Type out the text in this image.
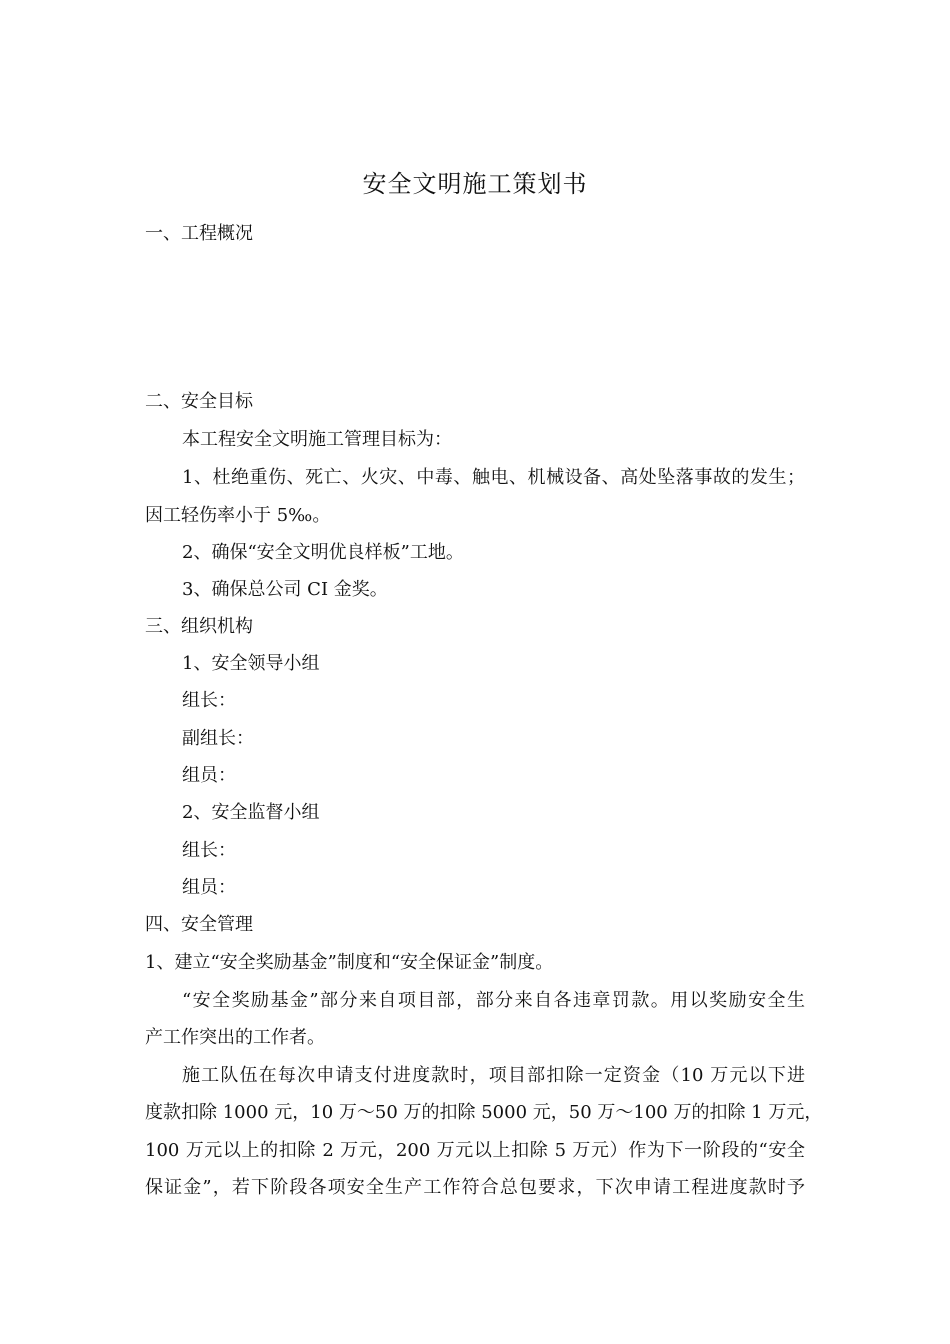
安全文明施工策划书
一、工程概况
二、安全目标
本工程安全文明施工管理目标为：
1、杜绝重伤、死亡、火灾、中毒、触电、机械设备、高处坠落事故的发生；
因工轻伤率小于 5‰。
2、确保“安全文明优良样板”工地。
3、确保总公司 CI 金奖。
三、组织机构
1、安全领导小组
组长：
副组长：
组员：
2、安全监督小组
组长：
组员：
四、安全管理
1、建立“安全奖励基金”制度和“安全保证金”制度。
“安全奖励基金”部分来自项目部，部分来自各违章罚款。用以奖励安全生
产工作突出的工作者。
施工队伍在每次申请支付进度款时，项目部扣除一定资金（10 万元以下进
度款扣除 1000 元，10 万～50 万的扣除 5000 元，50 万～100 万的扣除 1 万元，
100 万元以上的扣除 2 万元，200 万元以上扣除 5 万元）作为下一阶段的“安全
保证金”，若下阶段各项安全生产工作符合总包要求，下次申请工程进度款时予
